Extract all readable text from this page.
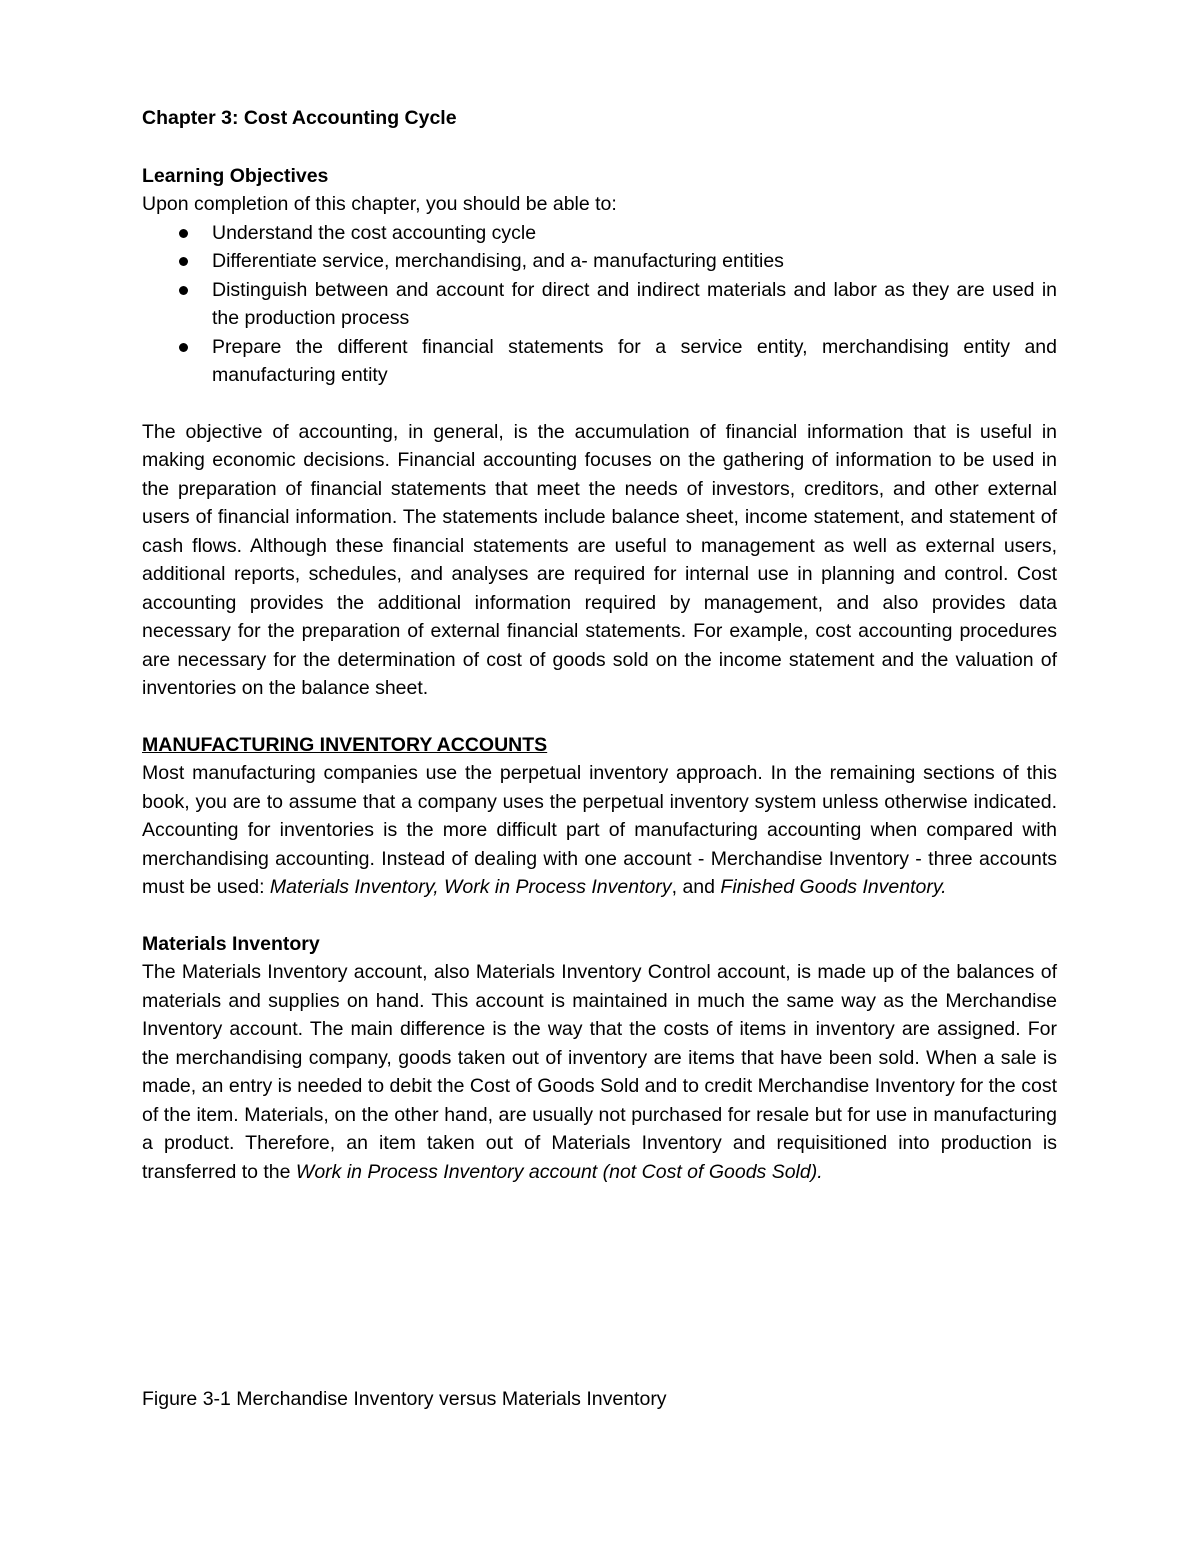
Chapter 3: Cost Accounting Cycle

Learning Objectives

Upon completion of this chapter, you should be able to:

Understand the cost accounting cycle
Differentiate service, merchandising, and a- manufacturing entities
Distinguish between and account for direct and indirect materials and labor as they are used in the production process
Prepare the different financial statements for a service entity, merchandising entity and manufacturing entity

The objective of accounting, in general, is the accumulation of financial information that is useful in making economic decisions. Financial accounting focuses on the gathering of information to be used in the preparation of financial statements that meet the needs of investors, creditors, and other external users of financial information. The statements include balance sheet, income statement, and statement of cash flows. Although these financial statements are useful to management as well as external users, additional reports, schedules, and analyses are required for internal use in planning and control. Cost accounting provides the additional information required by management, and also provides data necessary for the preparation of external financial statements. For example, cost accounting procedures are necessary for the determination of cost of goods sold on the income statement and the valuation of inventories on the balance sheet.

MANUFACTURING INVENTORY ACCOUNTS

Most manufacturing companies use the perpetual inventory approach. In the remaining sections of this book, you are to assume that a company uses the perpetual inventory system unless otherwise indicated. Accounting for inventories is the more difficult part of manufacturing accounting when compared with merchandising accounting. Instead of dealing with one account - Merchandise Inventory - three accounts must be used: Materials Inventory, Work in Process Inventory, and Finished Goods Inventory.

Materials Inventory

The Materials Inventory account, also Materials Inventory Control account, is made up of the balances of materials and supplies on hand. This account is maintained in much the same way as the Merchandise Inventory account. The main difference is the way that the costs of items in inventory are assigned. For the merchandising company, goods taken out of inventory are items that have been sold. When a sale is made, an entry is needed to debit the Cost of Goods Sold and to credit Merchandise Inventory for the cost of the item. Materials, on the other hand, are usually not purchased for resale but for use in manufacturing a product. Therefore, an item taken out of Materials Inventory and requisitioned into production is transferred to the Work in Process Inventory account (not Cost of Goods Sold).

Figure 3-1 Merchandise Inventory versus Materials Inventory
